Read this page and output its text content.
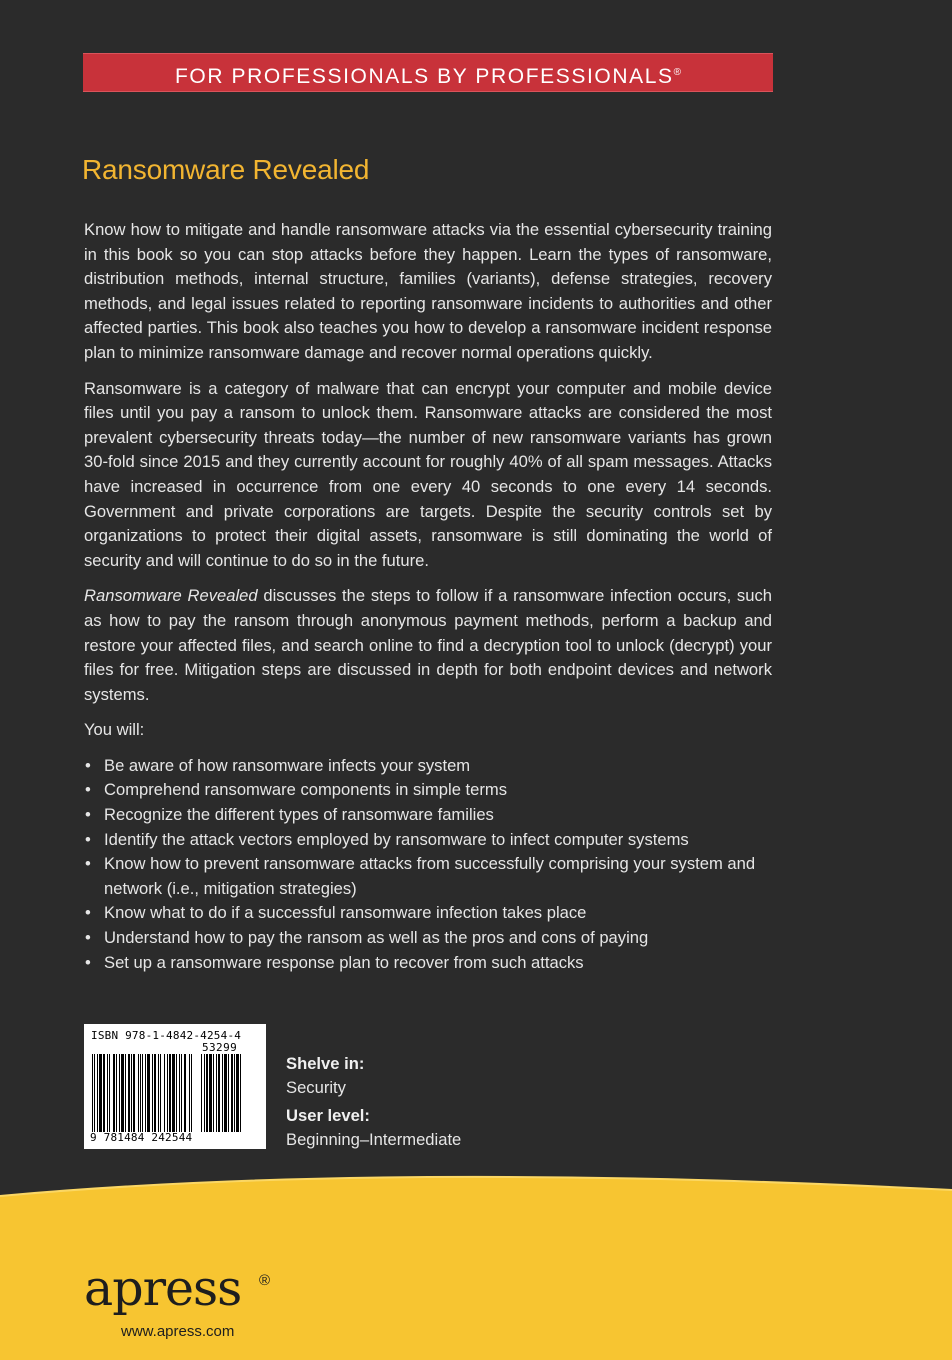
FOR PROFESSIONALS BY PROFESSIONALS®
Ransomware Revealed

Know how to mitigate and handle ransomware attacks via the essential cybersecurity training in this book so you can stop attacks before they happen. Learn the types of ransomware, distribution methods, internal structure, families (variants), defense strategies, recovery methods, and legal issues related to reporting ransomware incidents to authorities and other affected parties. This book also teaches you how to develop a ransomware incident response plan to minimize ransomware damage and recover normal operations quickly.

Ransomware is a category of malware that can encrypt your computer and mobile device files until you pay a ransom to unlock them. Ransomware attacks are considered the most prevalent cybersecurity threats today—the number of new ransomware variants has grown 30-fold since 2015 and they currently account for roughly 40% of all spam messages. Attacks have increased in occurrence from one every 40 seconds to one every 14 seconds. Government and private corporations are targets. Despite the security controls set by organizations to protect their digital assets, ransomware is still dominating the world of security and will continue to do so in the future.

Ransomware Revealed discusses the steps to follow if a ransomware infection occurs, such as how to pay the ransom through anonymous payment methods, perform a backup and restore your affected files, and search online to find a decryption tool to unlock (decrypt) your files for free. Mitigation steps are discussed in depth for both endpoint devices and network systems.

You will:

• Be aware of how ransomware infects your system
• Comprehend ransomware components in simple terms
• Recognize the different types of ransomware families
• Identify the attack vectors employed by ransomware to infect computer systems
• Know how to prevent ransomware attacks from successfully comprising your system and network (i.e., mitigation strategies)
• Know what to do if a successful ransomware infection takes place
• Understand how to pay the ransom as well as the pros and cons of paying
• Set up a ransomware response plan to recover from such attacks
ISBN 978-1-4842-4254-4
53299
9 781484 242544
Shelve in:
Security
User level:
Beginning–Intermediate
apress ®
www.apress.com
